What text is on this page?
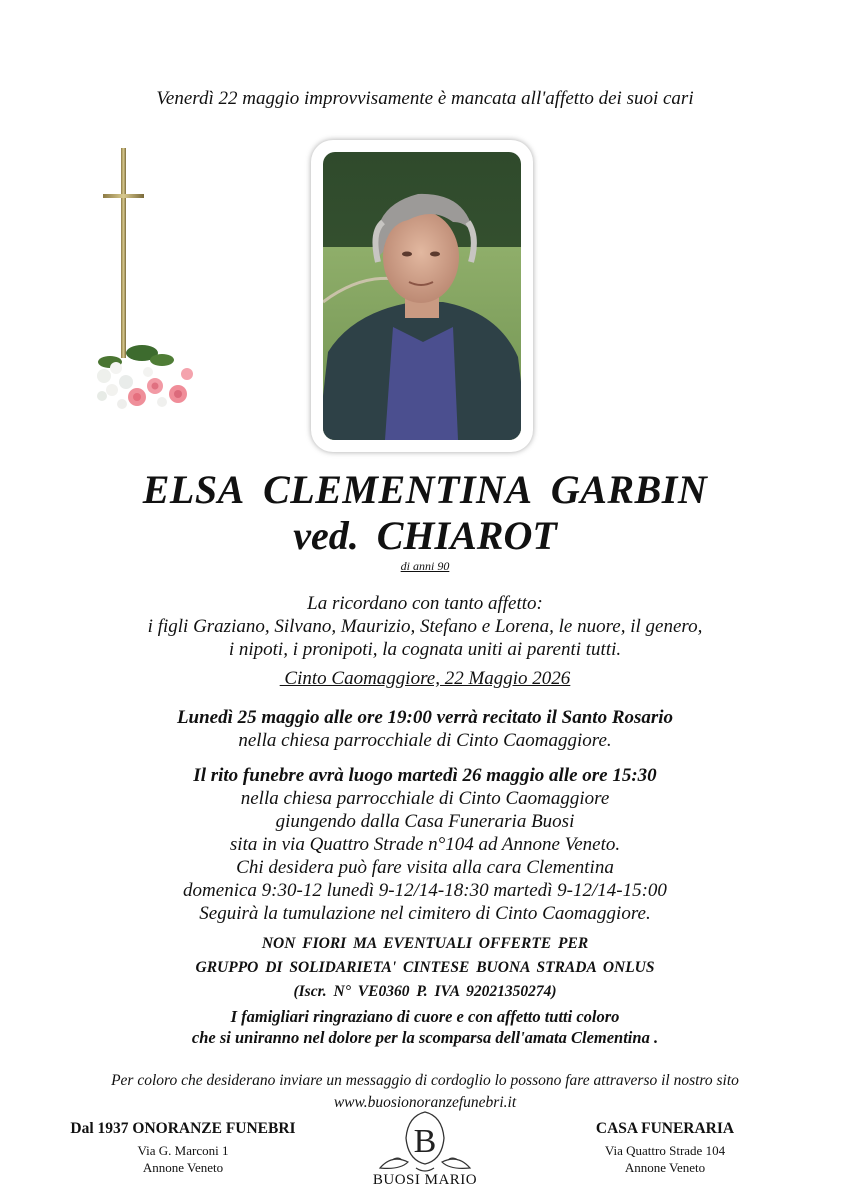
Venerdì 22 maggio improvvisamente è mancata all'affetto dei suoi cari
ELSA CLEMENTINA GARBIN
ved. CHIAROT
di anni 90
La ricordano con tanto affetto:
i figli Graziano, Silvano, Maurizio, Stefano e Lorena, le nuore, il genero,
i nipoti, i pronipoti, la cognata uniti ai parenti tutti.
Cinto Caomaggiore, 22 Maggio 2026
Lunedì 25 maggio alle ore 19:00 verrà recitato il Santo Rosario
nella chiesa parrocchiale di Cinto Caomaggiore.
Il rito funebre avrà luogo martedì 26 maggio alle ore 15:30
nella chiesa parrocchiale di Cinto Caomaggiore
giungendo dalla Casa Funeraria Buosi
sita in via Quattro Strade n°104 ad Annone Veneto.
Chi desidera può fare visita alla cara Clementina
domenica 9:30-12 lunedì 9-12/14-18:30 martedì 9-12/14-15:00
Seguirà la tumulazione nel cimitero di Cinto Caomaggiore.
NON FIORI MA EVENTUALI OFFERTE PER
GRUPPO DI SOLIDARIETA' CINTESE BUONA STRADA ONLUS
(Iscr. N° VE0360 P. IVA 92021350274)
I famigliari ringraziano di cuore e con affetto tutti coloro
che si uniranno nel dolore per la scomparsa dell'amata Clementina .
Per coloro che desiderano inviare un messaggio di cordoglio lo possono fare attraverso il nostro sito
www.buosionoranzefunebri.it
Dal 1937 ONORANZE FUNEBRI
Via G. Marconi 1
Annone Veneto
B
BUOSI MARIO
CASA FUNERARIA
Via Quattro Strade 104
Annone Veneto
